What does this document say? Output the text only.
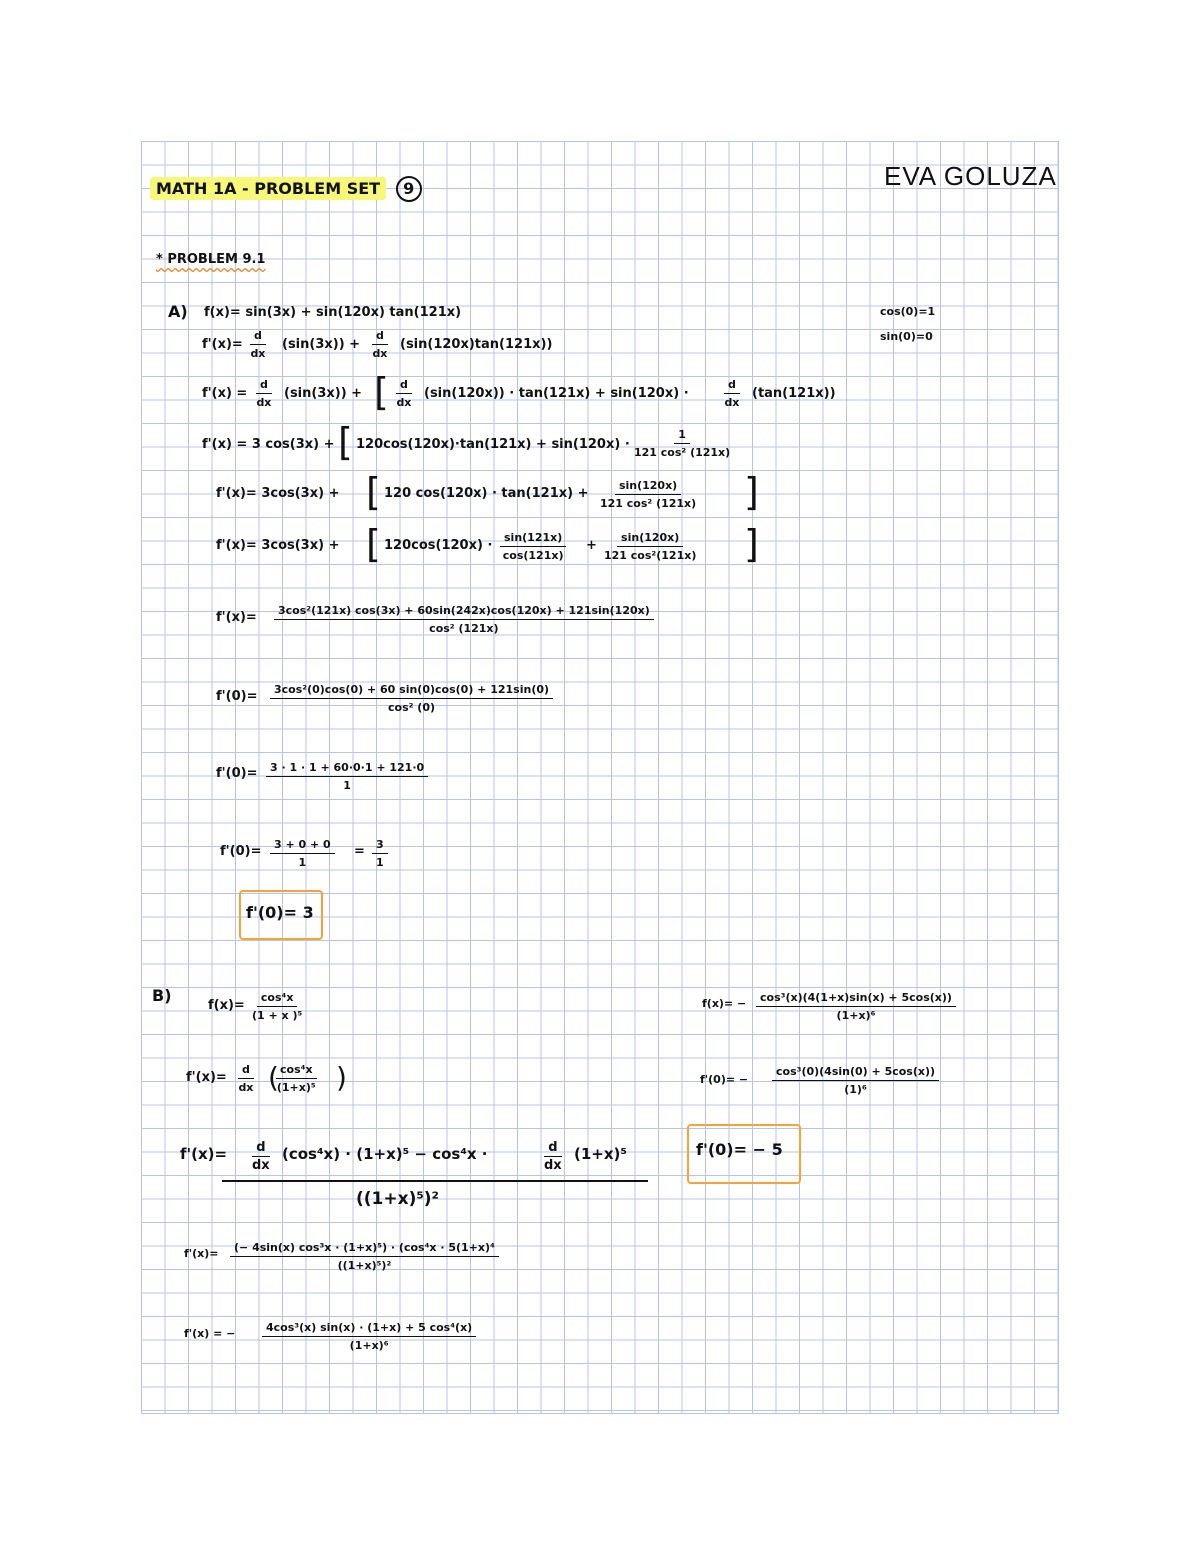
MATH 1A - PROBLEM SET 9	EVA GOLUZA
* PROBLEM 9.1
cos(0)=1
sin(0)=0
A) f(x)= sin(3x) + sin(120x) tan(121x)
$f'(x)= \frac{d}{dx} (\sin(3x)) + \frac{d}{dx} (\sin(120x)\tan(121x))$
$f'(x) = \frac{d}{dx} (\sin(3x))$ + [ $\frac{d}{dx} (\sin(120x)) \cdot \tan(121x) + \sin(120x)$ ·	$\frac{d}{dx} (\tan(121x))$
f'(x) = 3 cos(3x) + [ $120\cos(120x)\cdot\tan(121x) + \sin(120x) \cdot \frac{1}{\text{121 cos² (121x)}}$
f'(x)= 3cos(3x) + [ 120 $\cos(120x) \cdot \tan(121x) + \frac{\sin(120x)}{\text{121 cos² (121x)}}$ ]
f'(x)= 3cos(3x) + [ $120\cos(120x) \cdot \frac{\sin(121x)}{\cos(121x)} + \frac{\sin(120x)}{\text{121 cos²(121x)}}$ ]
$f'(x)= \frac{\text{3cos²(121x) cos(3x) + 60sin(242x)cos(120x) + 121sin(120x)}}{\text{cos² (121x)}}$
$f'(0)= \frac{\text{3cos²(0)cos(0) + 60 sin(0)cos(0) + 121sin(0)}}{\text{cos² (0)}}$
$f'(0)= \frac{3 \cdot 1 \cdot 1 + 60\cdot 0\cdot 1 + 121\cdot 0}{1}$
$f'(0)= \frac{3 + 0 + 0}{1} = \frac{3}{1}$
f'(0)= 3
B)
$f(x)= \frac{\text{cos⁴x}}{\text{(1 + x )⁵}}$
$f'(x)= \frac{d}{dx}$ (
$\frac{\text{cos⁴x}}{\text{(1+x)⁵}}$ )
$f'(x)= \frac{d}{dx} (\cos^4x) \cdot (1+x)^5 - \cos^4x$ ·	$\frac{d}{dx} (1+x)^5$
((1+x)⁵)²
$f'(x)= \frac{\text{(− 4sin(x) cos³x · (1+x)⁵) · (cos⁴x · 5(1+x)⁴}}{\text{((1+x)⁵)²}}$
f'(x) = − $\frac{\text{4cos³(x) sin(x) · (1+x) + 5 cos⁴(x)}}{\text{(1+x)⁶}}$
$f(x)= - \frac{\text{cos³(x)(4(1+x)sin(x) + 5cos(x))}}{\text{(1+x)⁶}}$
$f'(0)= - \frac{\text{cos³(0)(4sin(0) + 5cos(x))}}{\text{(1)⁶}}$
f'(0)= − 5
